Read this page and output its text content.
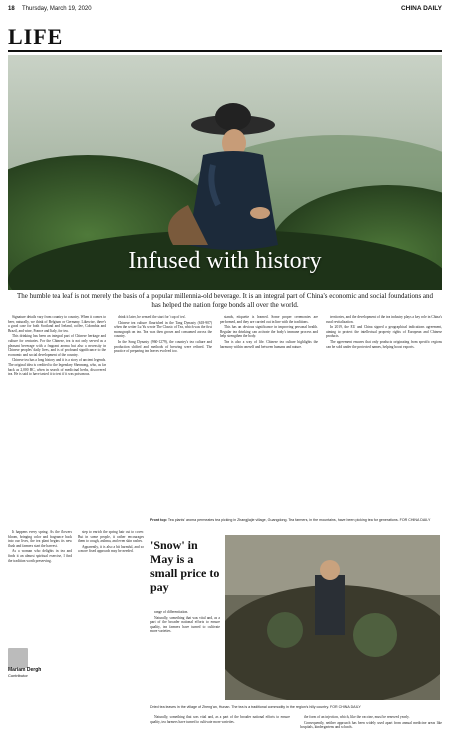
18 Thursday, March 19, 2020	CHINA DAILY
LIFE
Infused with history
The humble tea leaf is not merely the basis of a popular millennia-old beverage. It is an integral part of China's economic and social foundations and has helped the nation forge bonds all over the world.

Signature details vary from country to country. When it comes to beer, naturally, we think of Belgium or Germany. Likewise, there's a good case for both Scotland and Ireland, coffee, Colombia and Brazil, and wine, France and Italy, for tea.

This drinking has been an integral part of Chinese heritage and culture for centuries. For the Chinese, tea is not only served as a pleasant beverage with a fragrant aroma but also a necessity in Chinese peoples' daily lives, and is of profound significance to the economic and social development of the country.

Chinese tea has a long history and it is a story of ancient legends. The original idea is credited to the legendary Shennong, who, as far back as 2,000 BC, when in search of medicinal herbs, discovered tea. He is said to have tasted it to test if it was poisonous.

drink it later, he sensed the start for 'cup of tea'.

Chinese tea culture flourished in the Tang Dynasty (618-907) when the writer Lu Yu wrote The Classic of Tea, which was the first monograph on tea. Tea was then grown and consumed across the country.

In the Song Dynasty (960-1279), the country's tea culture and production shifted and methods of brewing were refined. The practice of preparing tea leaves evolved too.

stands, etiquette is learned. Some proper ceremonies are performed, and they are carried out in line with the traditions.

This has an obvious significance in improving personal health. Regular tea drinking can activate the body's immune process and help strengthen the body.

Tea is also a way of life. Chinese tea culture highlights the harmony within oneself and between humans and nature.

territories, and the development of the tea industry plays a key role in China's rural revitalization.

In 2019, the EU and China signed a geographical indications agreement, aiming to protect the intellectual property rights of European and Chinese products.

The agreement ensures that only products originating from specific regions can be sold under the protected names, helping boost exports.

Front top: Tea plants' aroma permeates tea picking in Zhangjiajie village, Guangdong. Tea farmers, in the mountains, have been picking tea for generations. FOR CHINA DAILY

It happens every spring. As the flowers bloom, bringing color and fragrance back into our lives, the tea plant begins its new flush and farmers start the harvest.

As a woman who delights in tea and finds it an almost spiritual exercise, I find the tradition worth preserving.

Mariam Dergh
Contributor

step to enrich the spring hair cut to cover. But in some people, it rather encourages them to cough, asthma, and even skin rashes.

Apparently, it is also a bit harmful, and so a more fixed approach may be needed.	'Snow' in May is a small price to pay

range of differentiation.

Naturally, something that was vital and, as a part of the broader national efforts to ensure quality, tea farmers have turned to cultivate more varieties.

Dried tea leaves in the village of Zheng'an, Hunan. The tea is a traditional commodity in the region's hilly country. FOR CHINA DAILY

Naturally, something that was vital and, as a part of the broader national efforts to ensure quality, tea farmers have turned to cultivate more varieties.

the form of an injection, which, like the vaccine, must be renewed yearly.

Consequently, neither approach has been widely used apart from annual medicine areas like hospitals, kindergartens and schools.
